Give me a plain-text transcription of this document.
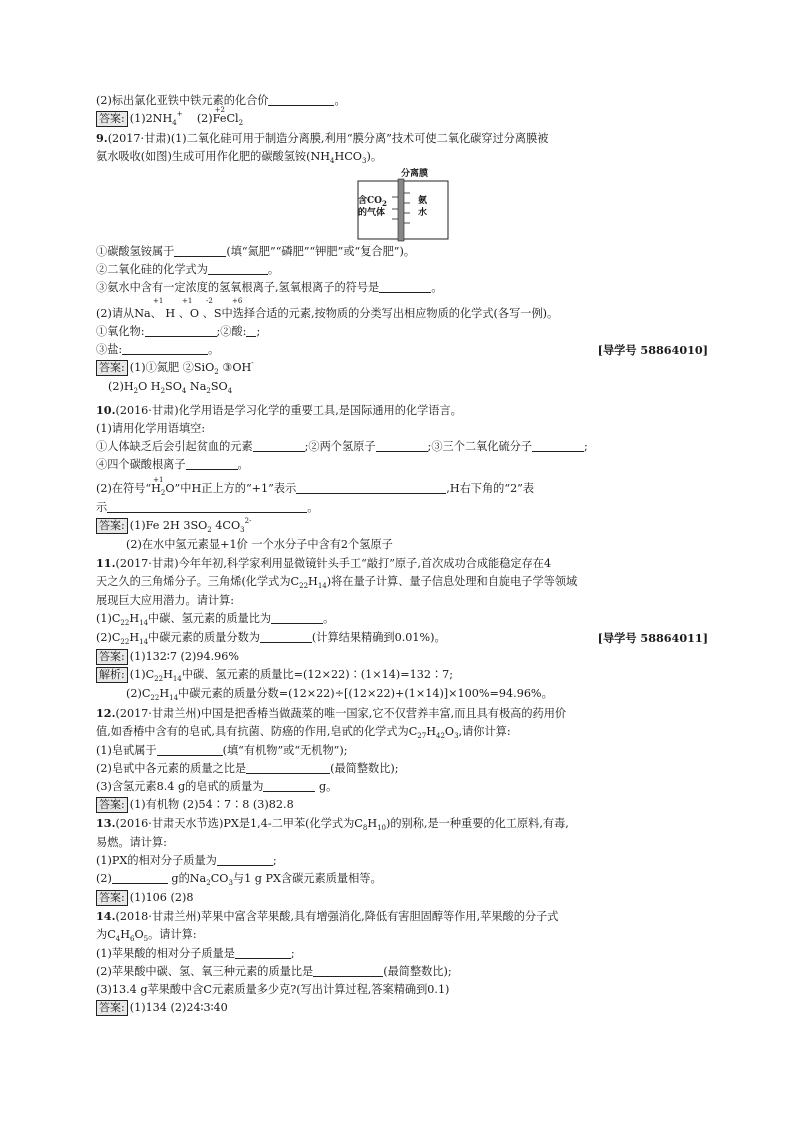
(2)标出氯化亚铁中铁元素的化合价	。
答案: $(1)2NH_4^+$ (2)
+2
FeCl$_2$
9.(2017·甘肃)(1)二氧化硅可用于制造分离膜,利用“膜分离”技术可使二氧化碳穿过分离膜被
氨水吸收(如图)生成可用作化肥的碳酸氢铵$(NH_4HCO_3)$。
分离膜
含$CO_2$
的气体
氨
水
①碳酸氢铵属于	(填“氮肥”“磷肥”“钾肥”或“复合肥”)。
②二氧化硅的化学式为	。
③氨水中含有一定浓度的氢氧根离子,氢氧根离子的符号是	。
+1	+1 -2	+6
(2)请从Na、 H 、O 、S中选择合适的元素,按物质的分类写出相应物质的化学式(各写一例)。
①氧化物:	;②酸: ;
③盐:	。	[导学号 58864010]
答案: (1)①氮肥 ②SiO$_2$ ③OH-
$(2)H_2O$ $H_2SO_4$ $Na_2SO_4$
10.(2016·甘肃)化学用语是学习化学的重要工具,是国际通用的化学语言。
(1)请用化学用语填空:
①人体缺乏后会引起贫血的元素	;②两个氢原子	;③三个二氧化硫分子	;
④四个碳酸根离子	。
(2)在符号“
+1
$H_2O$”中H正上方的“+1”表示	,H右下角的“2”表
示	。
答案: (1)Fe 2H $3SO_2$ $4CO_3^{2-}$
(2)在水中氢元素显+1价 一个水分子中含有2个氢原子
11.(2017·甘肃)今年年初,科学家利用显微镜针头手工“敲打”原子,首次成功合成能稳定存在4
天之久的三角烯分子。三角烯(化学式为$C_{22}H_{14}$)将在量子计算、量子信息处理和自旋电子学等领域
展现巨大应用潜力。请计算:
$(1)C_{22}H_{14}$中碳、氢元素的质量比为	。
$(2)C_{22}H_{14}$中碳元素的质量分数为	(计算结果精确到0.01%)。	[导学号 58864011]
答案: (1)132∶7 (2)94.96%
解析: $(1)C_{22}H_{14}$中碳、氢元素的质量比=(12×22)∶(1×14)=132∶7;
$(2)C_{22}H_{14}$中碳元素的质量分数=(12×22)÷[(12×22)+(1×14)]×100%=94.96%。
12.(2017·甘肃兰州)中国是把香椿当做蔬菜的唯一国家,它不仅营养丰富,而且具有极高的药用价
值,如香椿中含有的皂甙,具有抗菌、防癌的作用,皂甙的化学式为$C_{27}H_{42}O_3$,请你计算:
(1)皂甙属于	(填“有机物”或“无机物”);
(2)皂甙中各元素的质量之比是	(最简整数比);
(3)含氢元素8.4 g的皂甙的质量为	g。
答案: (1)有机物 (2)54∶7∶8 (3)82.8
13.(2016·甘肃天水节选)PX是1,4-二甲苯(化学式为$C_8H_{10}$)的别称,是一种重要的化工原料,有毒,
易燃。请计算:
(1)PX的相对分子质量为	;
(2)	g的$Na_2CO_3$与1 g PX含碳元素质量相等。
答案: (1)106 (2)8
14.(2018·甘肃兰州)苹果中富含苹果酸,具有增强消化,降低有害胆固醇等作用,苹果酸的分子式
为$C_4H_6O_5$。请计算:
(1)苹果酸的相对分子质量是	;
(2)苹果酸中碳、氢、氧三种元素的质量比是	(最简整数比);
(3)13.4 g苹果酸中含C元素质量多少克?(写出计算过程,答案精确到0.1)
答案: (1)134 (2)24∶3∶40
